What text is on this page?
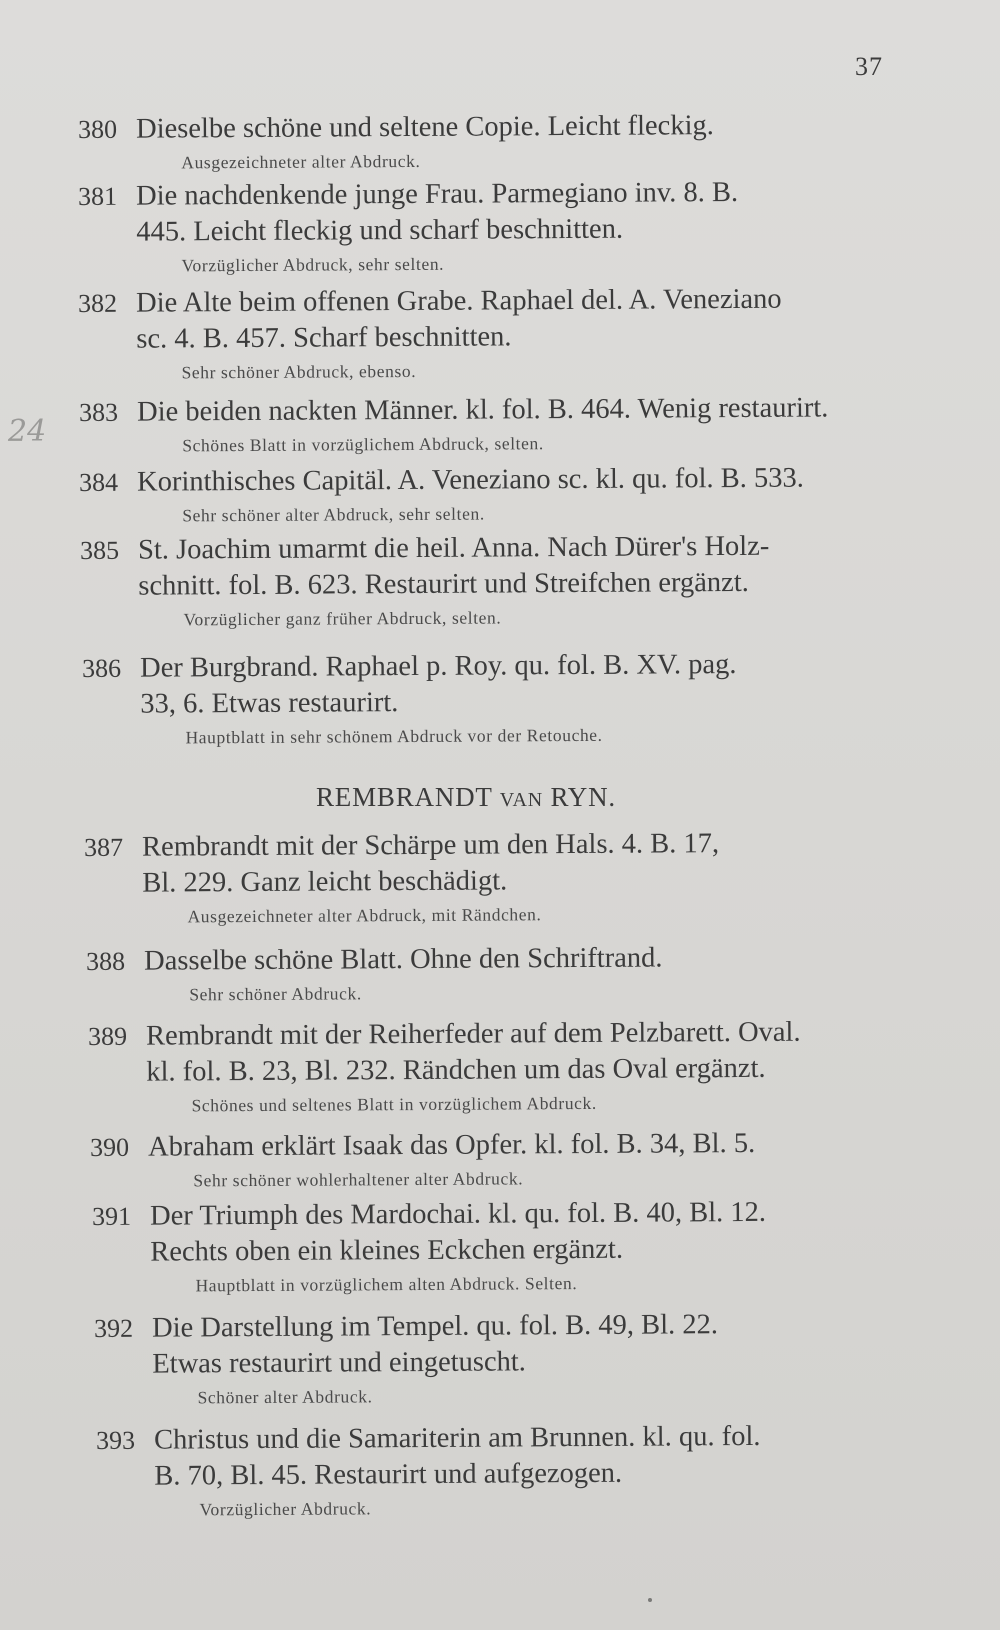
37
24
380 Dieselbe schöne und seltene Copie. Leicht fleckig.
Ausgezeichneter alter Abdruck.
381 Die nachdenkende junge Frau. Parmegiano inv. 8. B.
445. Leicht fleckig und scharf beschnitten.
Vorzüglicher Abdruck, sehr selten.
382 Die Alte beim offenen Grabe. Raphael del. A. Veneziano
sc. 4. B. 457. Scharf beschnitten.
Sehr schöner Abdruck, ebenso.
383 Die beiden nackten Männer. kl. fol. B. 464. Wenig restaurirt.
Schönes Blatt in vorzüglichem Abdruck, selten.
384 Korinthisches Capitäl. A. Veneziano sc. kl. qu. fol. B. 533.
Sehr schöner alter Abdruck, sehr selten.
385 St. Joachim umarmt die heil. Anna. Nach Dürer's Holz-
schnitt. fol. B. 623. Restaurirt und Streifchen ergänzt.
Vorzüglicher ganz früher Abdruck, selten.
386 Der Burgbrand. Raphael p. Roy. qu. fol. B. XV. pag.
33, 6. Etwas restaurirt.
Hauptblatt in sehr schönem Abdruck vor der Retouche.
REMBRANDT VAN RYN.
387 Rembrandt mit der Schärpe um den Hals. 4. B. 17,
Bl. 229. Ganz leicht beschädigt.
Ausgezeichneter alter Abdruck, mit Rändchen.
388 Dasselbe schöne Blatt. Ohne den Schriftrand.
Sehr schöner Abdruck.
389 Rembrandt mit der Reiherfeder auf dem Pelzbarett. Oval.
kl. fol. B. 23, Bl. 232. Rändchen um das Oval ergänzt.
Schönes und seltenes Blatt in vorzüglichem Abdruck.
390 Abraham erklärt Isaak das Opfer. kl. fol. B. 34, Bl. 5.
Sehr schöner wohlerhaltener alter Abdruck.
391 Der Triumph des Mardochai. kl. qu. fol. B. 40, Bl. 12.
Rechts oben ein kleines Eckchen ergänzt.
Hauptblatt in vorzüglichem alten Abdruck. Selten.
392 Die Darstellung im Tempel. qu. fol. B. 49, Bl. 22.
Etwas restaurirt und eingetuscht.
Schöner alter Abdruck.
393 Christus und die Samariterin am Brunnen. kl. qu. fol.
B. 70, Bl. 45. Restaurirt und aufgezogen.
Vorzüglicher Abdruck.
